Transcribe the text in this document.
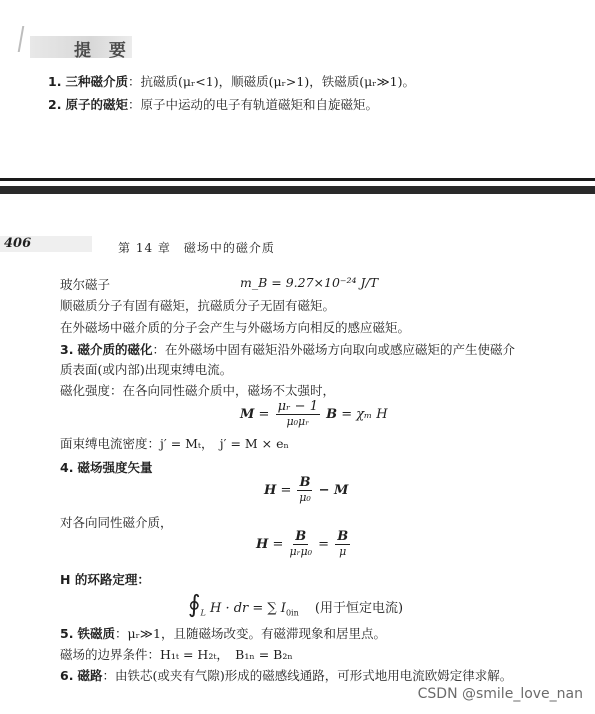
提 要
1. 三种磁介质：抗磁质(μᵣ<1)，顺磁质(μᵣ>1)，铁磁质(μᵣ≫1)。
2. 原子的磁矩：原子中运动的电子有轨道磁矩和自旋磁矩。
406	第 14 章　磁场中的磁介质
玻尔磁子	m_B = 9.27×10⁻²⁴ J/T
顺磁质分子有固有磁矩，抗磁质分子无固有磁矩。
在外磁场中磁介质的分子会产生与外磁场方向相反的感应磁矩。
3. 磁介质的磁化：在外磁场中固有磁矩沿外磁场方向取向或感应磁矩的产生使磁介
质表面(或内部)出现束缚电流。
磁化强度：在各向同性磁介质中，磁场不太强时，
$M = \frac{\text{μᵣ − 1}}{\text{μ₀μᵣ}}$ B = χₘ H
面束缚电流密度：j′ = Mₜ，　j′ = M × eₙ
4. 磁场强度矢量
$H = \frac{B}{\text{μ₀}} - M$
对各向同性磁介质，
$H = \frac{B}{\text{μᵣμ₀}} = \frac{B}{\mu}$
H 的环路定理：
$∮_L$ H · dr = ∑ $I_{0in}$ (用于恒定电流)
5. 铁磁质：μᵣ≫1，且随磁场改变。有磁滞现象和居里点。
磁场的边界条件：H₁ₜ = H₂ₜ，　B₁ₙ = B₂ₙ
6. 磁路：由铁芯(或夹有气隙)形成的磁感线通路，可形式地用电流欧姆定律求解。
CSDN @smile_love_nan
